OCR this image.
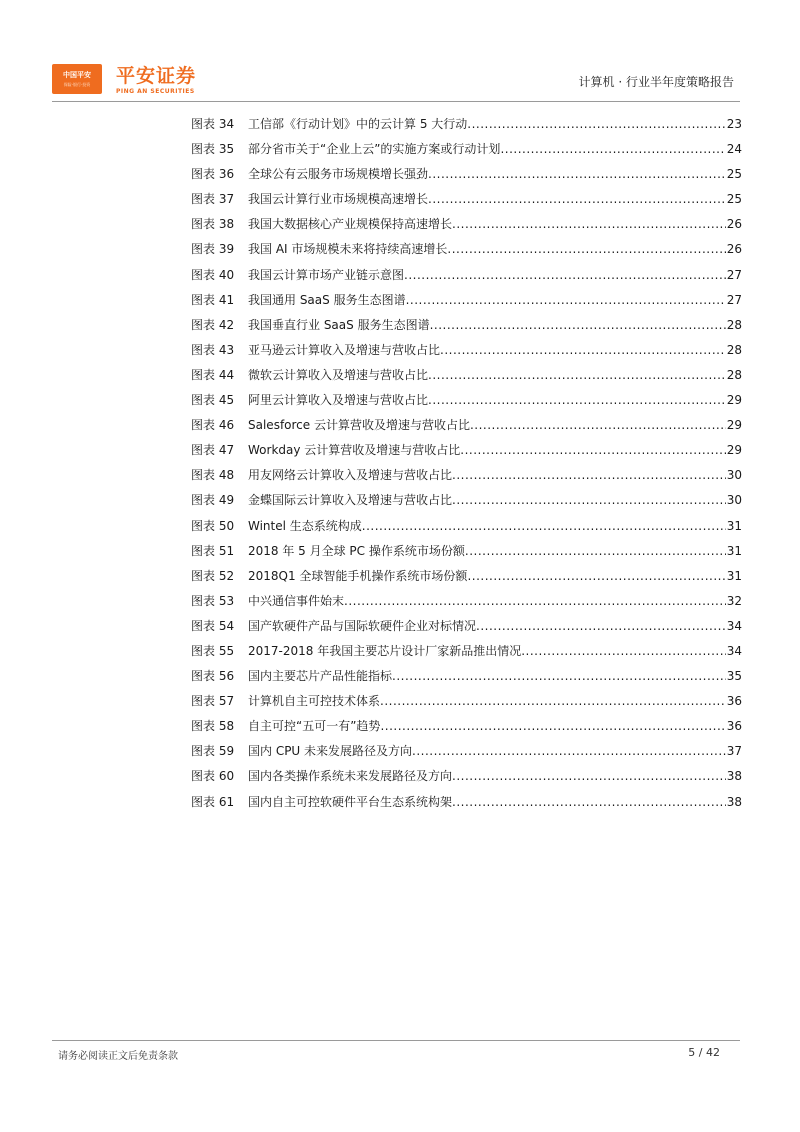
中国平安
保险·银行·投资	平安证券
PING AN SECURITIES
计算机 · 行业半年度策略报告
图表 34	工信部《行动计划》中的云计算 5 大行动 .....	23
图表 35	部分省市关于“企业上云”的实施方案或行动计划 .....	24
图表 36	全球公有云服务市场规模增长强劲 .....	25
图表 37	我国云计算行业市场规模高速增长 .....	25
图表 38	我国大数据核心产业规模保持高速增长 .....	26
图表 39	我国 AI 市场规模未来将持续高速增长 .....	26
图表 40	我国云计算市场产业链示意图 .....	27
图表 41	我国通用 SaaS 服务生态图谱 .....	27
图表 42	我国垂直行业 SaaS 服务生态图谱 .....	28
图表 43	亚马逊云计算收入及增速与营收占比 .....	28
图表 44	微软云计算收入及增速与营收占比 .....	28
图表 45	阿里云计算收入及增速与营收占比 .....	29
图表 46	Salesforce 云计算营收及增速与营收占比 .....	29
图表 47	Workday 云计算营收及增速与营收占比 .....	29
图表 48	用友网络云计算收入及增速与营收占比 .....	30
图表 49	金蝶国际云计算收入及增速与营收占比 .....	30
图表 50	Wintel 生态系统构成 .....	31
图表 51	2018 年 5 月全球 PC 操作系统市场份额 .....	31
图表 52	2018Q1 全球智能手机操作系统市场份额 .....	31
图表 53	中兴通信事件始末 .....	32
图表 54	国产软硬件产品与国际软硬件企业对标情况 .....	34
图表 55	2017-2018 年我国主要芯片设计厂家新品推出情况 .....	34
图表 56	国内主要芯片产品性能指标 .....	35
图表 57	计算机自主可控技术体系 .....	36
图表 58	自主可控“五可一有”趋势 .....	36
图表 59	国内 CPU 未来发展路径及方向 .....	37
图表 60	国内各类操作系统未来发展路径及方向 .....	38
图表 61	国内自主可控软硬件平台生态系统构架 .....	38
请务必阅读正文后免责条款	5 / 42
